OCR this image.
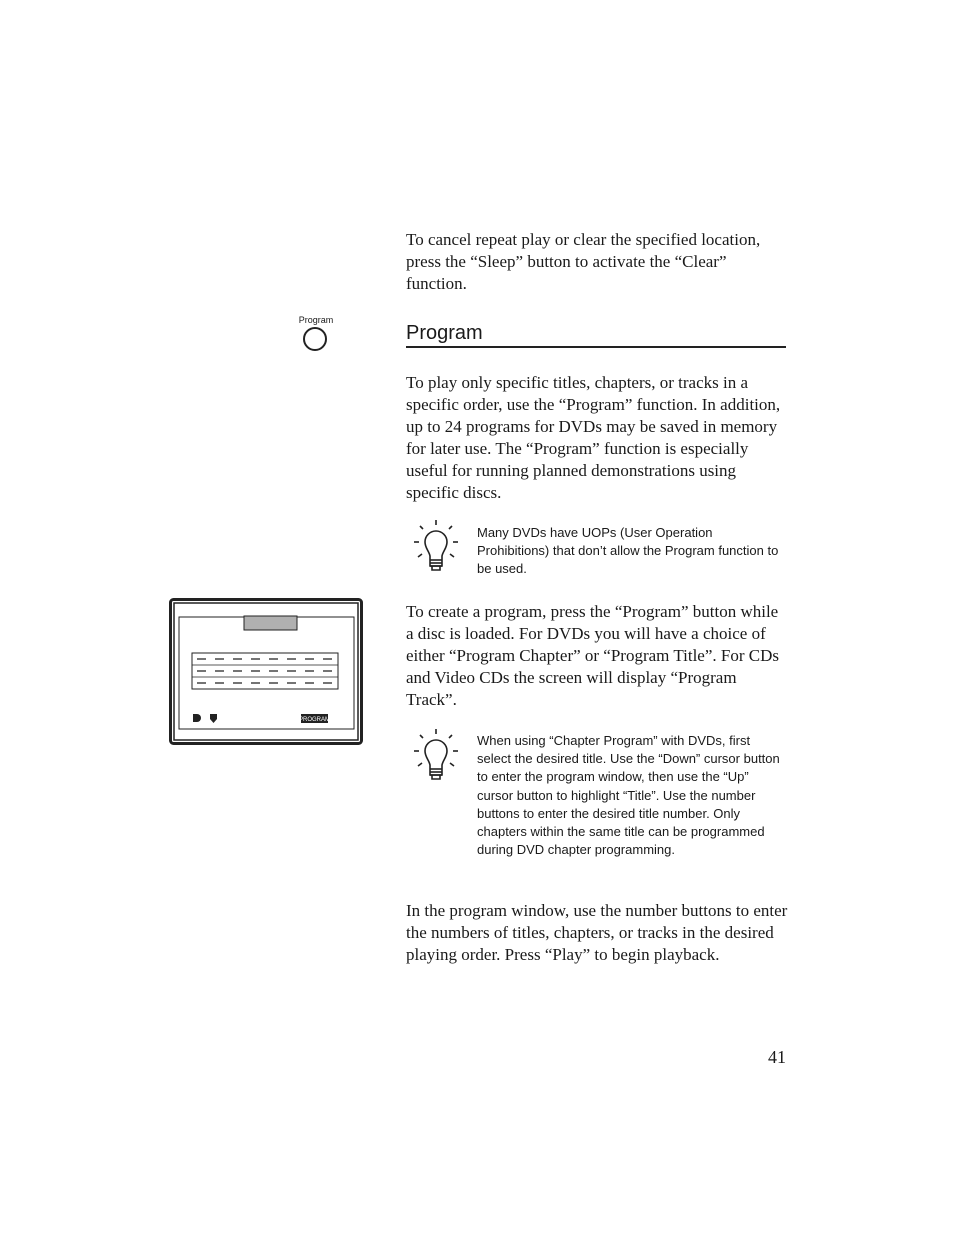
To cancel repeat play or clear the specified location, press the “Sleep” button to activate the “Clear” function.

Program
Program

To play only specific titles, chapters, or tracks in a specific order, use the “Program” function. In addition, up to 24 programs for DVDs may be saved in memory for later use. The “Program” function is especially useful for running planned demonstrations using specific discs.

Many DVDs have UOPs (User Operation Prohibitions) that don’t allow the Program function to be used.

PROGRAM

To create a program, press the “Program” button while a disc is loaded. For DVDs you will have a choice of either “Program Chapter” or “Program Title”. For CDs and Video CDs the screen will display “Program Track”.

When using “Chapter Program” with DVDs, first select the desired title. Use the “Down” cursor button to enter the program window, then use the “Up” cursor button to highlight “Title”. Use the number buttons to enter the desired title number. Only chapters within the same title can be programmed during DVD chapter programming.

In the program window, use the number buttons to enter the numbers of titles, chapters, or tracks in the desired playing order. Press “Play” to begin playback.

41
